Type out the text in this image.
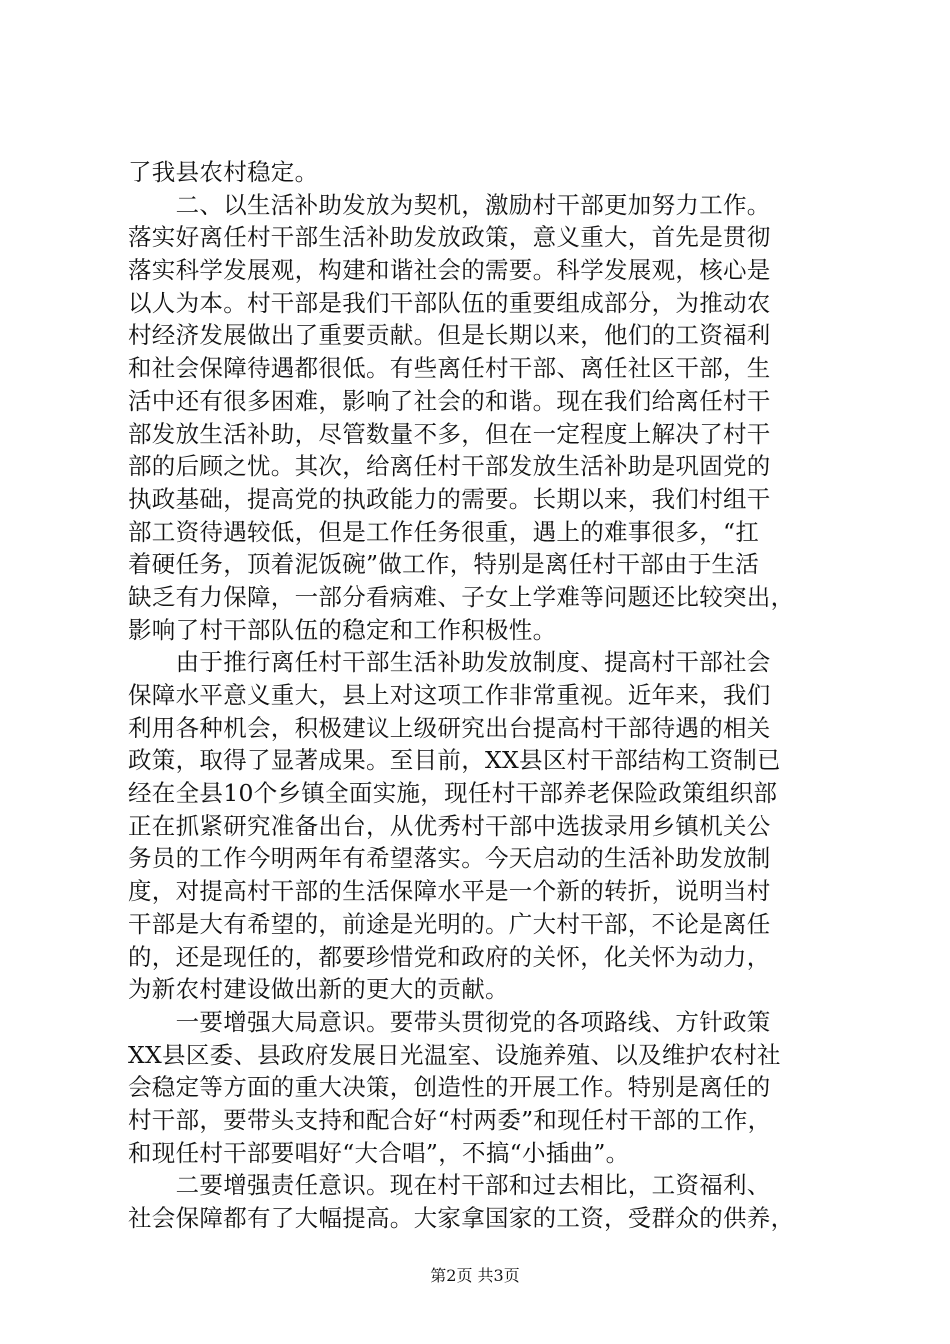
了我县农村稳定。
　　二、以生活补助发放为契机，激励村干部更加努力工作。
落实好离任村干部生活补助发放政策，意义重大，首先是贯彻
落实科学发展观，构建和谐社会的需要。科学发展观，核心是
以人为本。村干部是我们干部队伍的重要组成部分，为推动农
村经济发展做出了重要贡献。但是长期以来，他们的工资福利
和社会保障待遇都很低。有些离任村干部、离任社区干部，生
活中还有很多困难，影响了社会的和谐。现在我们给离任村干
部发放生活补助，尽管数量不多，但在一定程度上解决了村干
部的后顾之忧。其次，给离任村干部发放生活补助是巩固党的
执政基础，提高党的执政能力的需要。长期以来，我们村组干
部工资待遇较低，但是工作任务很重，遇上的难事很多，“扛
着硬任务，顶着泥饭碗”做工作，特别是离任村干部由于生活
缺乏有力保障，一部分看病难、子女上学难等问题还比较突出，
影响了村干部队伍的稳定和工作积极性。
　　由于推行离任村干部生活补助发放制度、提高村干部社会
保障水平意义重大，县上对这项工作非常重视。近年来，我们
利用各种机会，积极建议上级研究出台提高村干部待遇的相关
政策，取得了显著成果。至目前，XX县区村干部结构工资制已
经在全县10个乡镇全面实施，现任村干部养老保险政策组织部
正在抓紧研究准备出台，从优秀村干部中选拔录用乡镇机关公
务员的工作今明两年有希望落实。今天启动的生活补助发放制
度，对提高村干部的生活保障水平是一个新的转折，说明当村
干部是大有希望的，前途是光明的。广大村干部，不论是离任
的，还是现任的，都要珍惜党和政府的关怀，化关怀为动力，
为新农村建设做出新的更大的贡献。
　　一要增强大局意识。要带头贯彻党的各项路线、方针政策
XX县区委、县政府发展日光温室、设施养殖、以及维护农村社
会稳定等方面的重大决策，创造性的开展工作。特别是离任的
村干部，要带头支持和配合好“村两委”和现任村干部的工作，
和现任村干部要唱好“大合唱”，不搞“小插曲”。
　　二要增强责任意识。现在村干部和过去相比，工资福利、
社会保障都有了大幅提高。大家拿国家的工资，受群众的供养，
第2页 共3页
